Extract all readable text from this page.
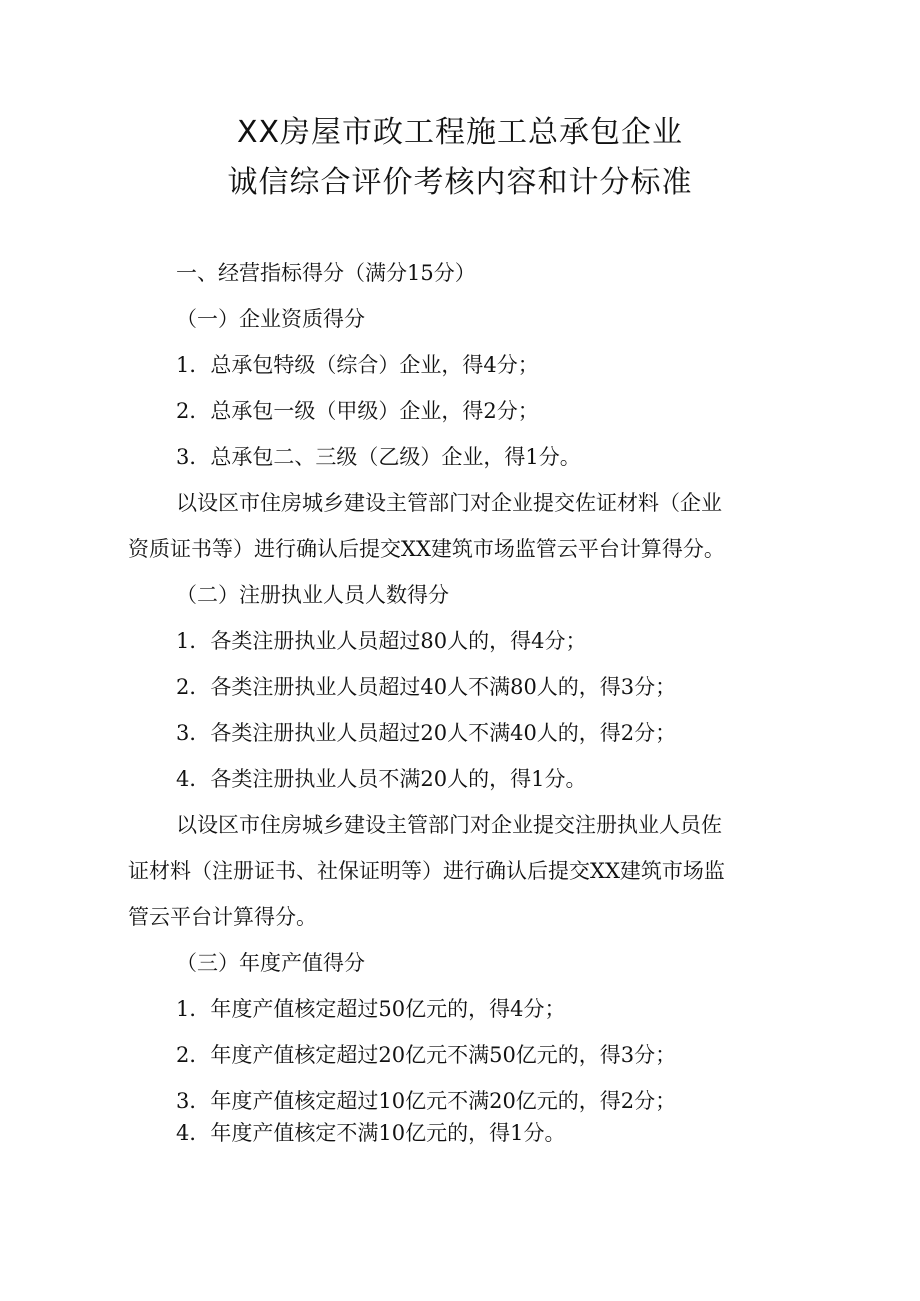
XX房屋市政工程施工总承包企业
诚信综合评价考核内容和计分标准
一、经营指标得分（满分15分）
（一）企业资质得分
1．总承包特级（综合）企业，得4分；
2．总承包一级（甲级）企业，得2分；
3．总承包二、三级（乙级）企业，得1分。
以设区市住房城乡建设主管部门对企业提交佐证材料（企业
资质证书等）进行确认后提交XX建筑市场监管云平台计算得分。
（二）注册执业人员人数得分
1．各类注册执业人员超过80人的，得4分；
2．各类注册执业人员超过40人不满80人的，得3分；
3．各类注册执业人员超过20人不满40人的，得2分；
4．各类注册执业人员不满20人的，得1分。
以设区市住房城乡建设主管部门对企业提交注册执业人员佐
证材料（注册证书、社保证明等）进行确认后提交XX建筑市场监
管云平台计算得分。
（三）年度产值得分
1．年度产值核定超过50亿元的，得4分；
2．年度产值核定超过20亿元不满50亿元的，得3分；
3．年度产值核定超过10亿元不满20亿元的，得2分；
4．年度产值核定不满10亿元的，得1分。
